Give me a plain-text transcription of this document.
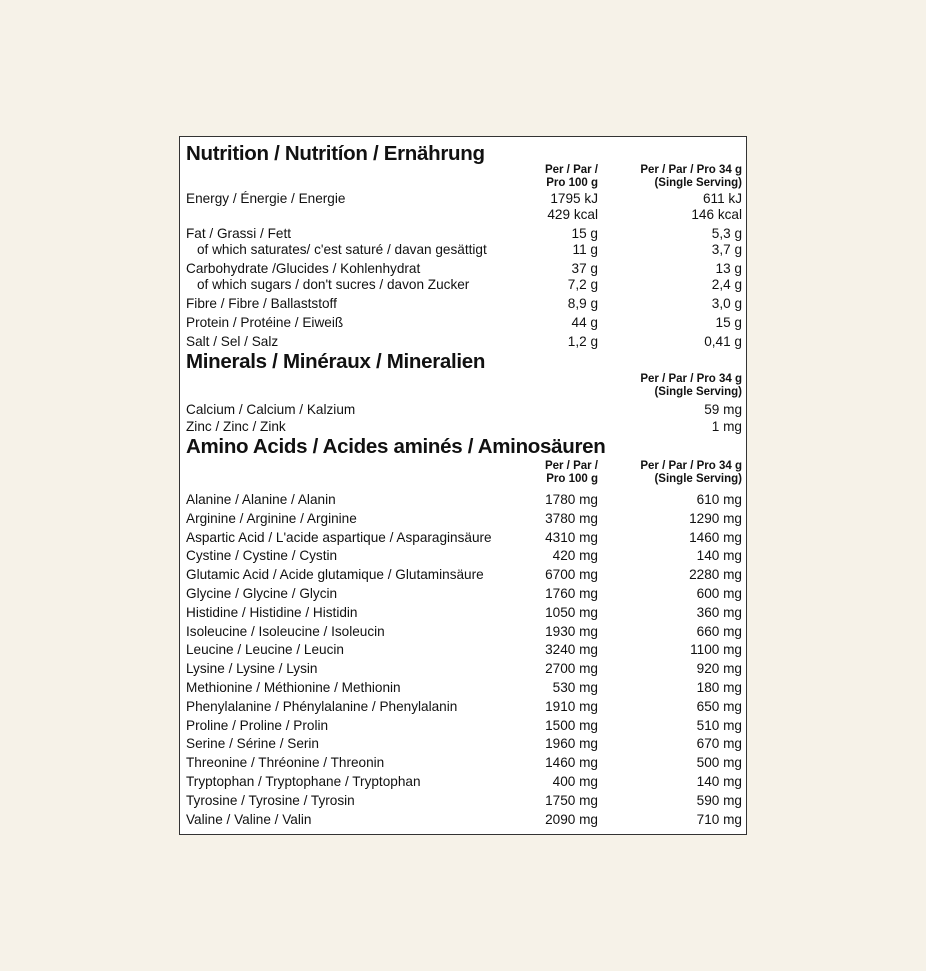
Nutrition / Nutritíon / Ernährung
Per / Par /
Pro 100 g
Per / Par / Pro 34 g
(Single Serving)
Energy / Énergie / Energie	1795 kJ	611 kJ
429 kcal	146 kcal
Fat / Grassi / Fett	15 g	5,3 g
of which saturates/ c'est saturé / davan gesättigt	11 g	3,7 g
Carbohydrate /Glucides / Kohlenhydrat	37 g	13 g
of which sugars / don't sucres / davon Zucker	7,2 g	2,4 g
Fibre / Fibre / Ballaststoff	8,9 g	3,0 g
Protein / Protéine / Eiweiß	44 g	15 g
Salt / Sel / Salz	1,2 g	0,41 g
Minerals / Minéraux / Mineralien
Per / Par / Pro 34 g
(Single Serving)
Calcium / Calcium / Kalzium	59 mg
Zinc / Zinc / Zink	1 mg
Amino Acids / Acides aminés / Aminosäuren
Per / Par /
Pro 100 g
Per / Par / Pro 34 g
(Single Serving)
Alanine / Alanine / Alanin	1780 mg	610 mg
Arginine / Arginine / Arginine	3780 mg	1290 mg
Aspartic Acid / L'acide aspartique / Asparaginsäure	4310 mg	1460 mg
Cystine / Cystine / Cystin	420 mg	140 mg
Glutamic Acid / Acide glutamique / Glutaminsäure	6700 mg	2280 mg
Glycine / Glycine / Glycin	1760 mg	600 mg
Histidine / Histidine / Histidin	1050 mg	360 mg
Isoleucine / Isoleucine / Isoleucin	1930 mg	660 mg
Leucine / Leucine / Leucin	3240 mg	1100 mg
Lysine / Lysine / Lysin	2700 mg	920 mg
Methionine / Méthionine / Methionin	530 mg	180 mg
Phenylalanine / Phénylalanine / Phenylalanin	1910 mg	650 mg
Proline / Proline / Prolin	1500 mg	510 mg
Serine / Sérine / Serin	1960 mg	670 mg
Threonine / Thréonine / Threonin	1460 mg	500 mg
Tryptophan / Tryptophane / Tryptophan	400 mg	140 mg
Tyrosine / Tyrosine / Tyrosin	1750 mg	590 mg
Valine / Valine / Valin	2090 mg	710 mg
